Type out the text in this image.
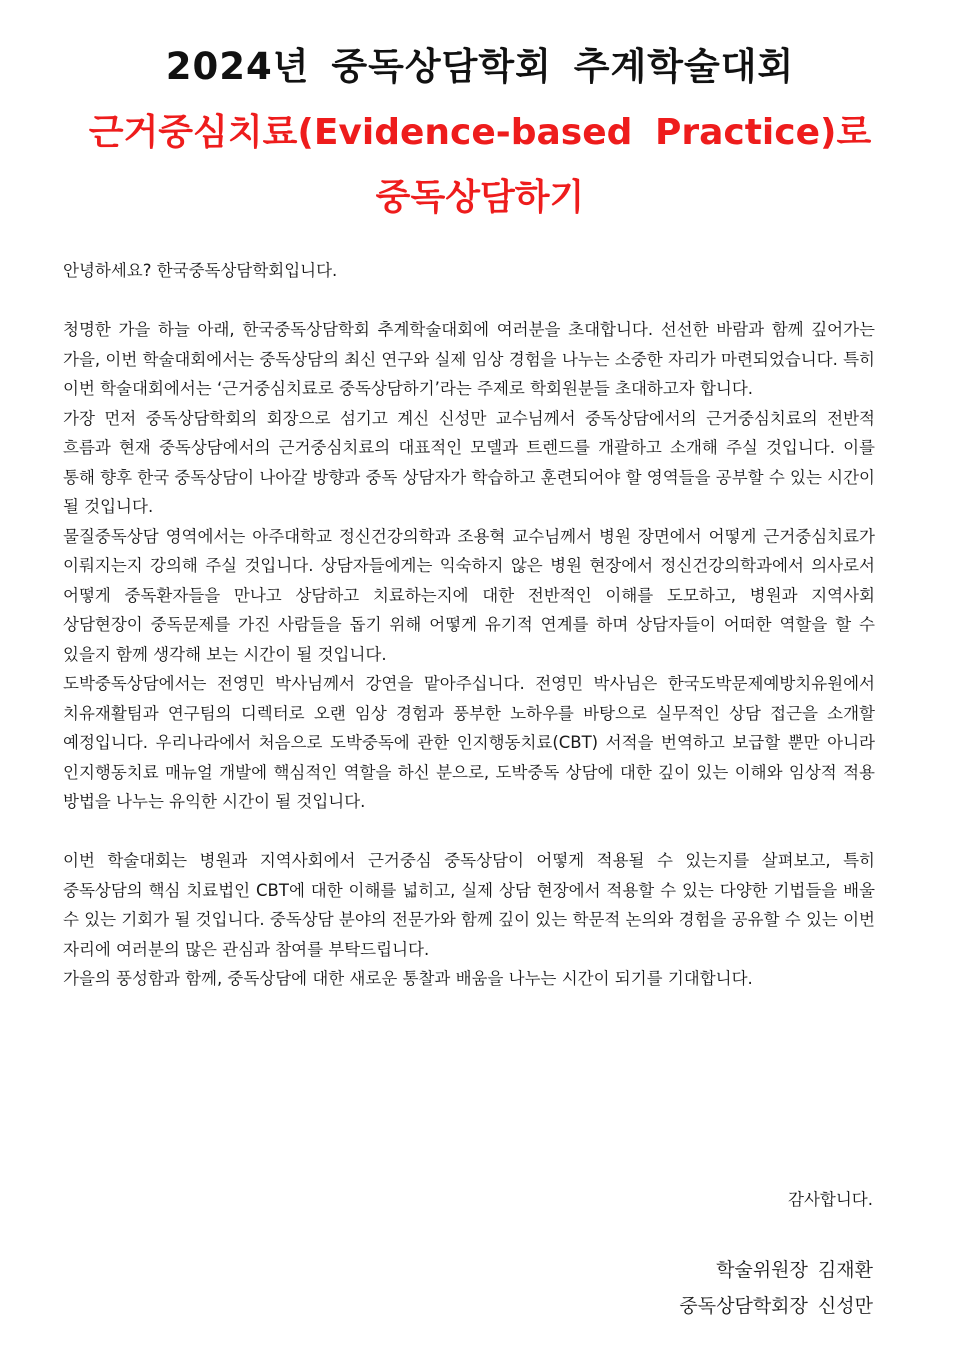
2024년 중독상담학회 추계학술대회
근거중심치료(Evidence-based Practice)로
중독상담하기

안녕하세요? 한국중독상담학회입니다.

청명한 가을 하늘 아래, 한국중독상담학회 추계학술대회에 여러분을 초대합니다. 선선한 바람과 함께 깊어가는 가을, 이번 학술대회에서는 중독상담의 최신 연구와 실제 임상 경험을 나누는 소중한 자리가 마련되었습니다. 특히 이번 학술대회에서는 ‘근거중심치료로 중독상담하기’라는 주제로 학회원분들 초대하고자 합니다.

가장 먼저 중독상담학회의 회장으로 섬기고 계신 신성만 교수님께서 중독상담에서의 근거중심치료의 전반적 흐름과 현재 중독상담에서의 근거중심치료의 대표적인 모델과 트렌드를 개괄하고 소개해 주실 것입니다. 이를 통해 향후 한국 중독상담이 나아갈 방향과 중독 상담자가 학습하고 훈련되어야 할 영역들을 공부할 수 있는 시간이 될 것입니다.

물질중독상담 영역에서는 아주대학교 정신건강의학과 조용혁 교수님께서 병원 장면에서 어떻게 근거중심치료가 이뤄지는지 강의해 주실 것입니다. 상담자들에게는 익숙하지 않은 병원 현장에서 정신건강의학과에서 의사로서 어떻게 중독환자들을 만나고 상담하고 치료하는지에 대한 전반적인 이해를 도모하고, 병원과 지역사회 상담현장이 중독문제를 가진 사람들을 돕기 위해 어떻게 유기적 연계를 하며 상담자들이 어떠한 역할을 할 수 있을지 함께 생각해 보는 시간이 될 것입니다.

도박중독상담에서는 전영민 박사님께서 강연을 맡아주십니다. 전영민 박사님은 한국도박문제예방치유원에서 치유재활팀과 연구팀의 디렉터로 오랜 임상 경험과 풍부한 노하우를 바탕으로 실무적인 상담 접근을 소개할 예정입니다. 우리나라에서 처음으로 도박중독에 관한 인지행동치료(CBT) 서적을 번역하고 보급할 뿐만 아니라 인지행동치료 매뉴얼 개발에 핵심적인 역할을 하신 분으로, 도박중독 상담에 대한 깊이 있는 이해와 임상적 적용 방법을 나누는 유익한 시간이 될 것입니다.

이번 학술대회는 병원과 지역사회에서 근거중심 중독상담이 어떻게 적용될 수 있는지를 살펴보고, 특히 중독상담의 핵심 치료법인 CBT에 대한 이해를 넓히고, 실제 상담 현장에서 적용할 수 있는 다양한 기법들을 배울 수 있는 기회가 될 것입니다. 중독상담 분야의 전문가와 함께 깊이 있는 학문적 논의와 경험을 공유할 수 있는 이번 자리에 여러분의 많은 관심과 참여를 부탁드립니다.

가을의 풍성함과 함께, 중독상담에 대한 새로운 통찰과 배움을 나누는 시간이 되기를 기대합니다.

감사합니다.
학술위원장 김재환
중독상담학회장 신성만
